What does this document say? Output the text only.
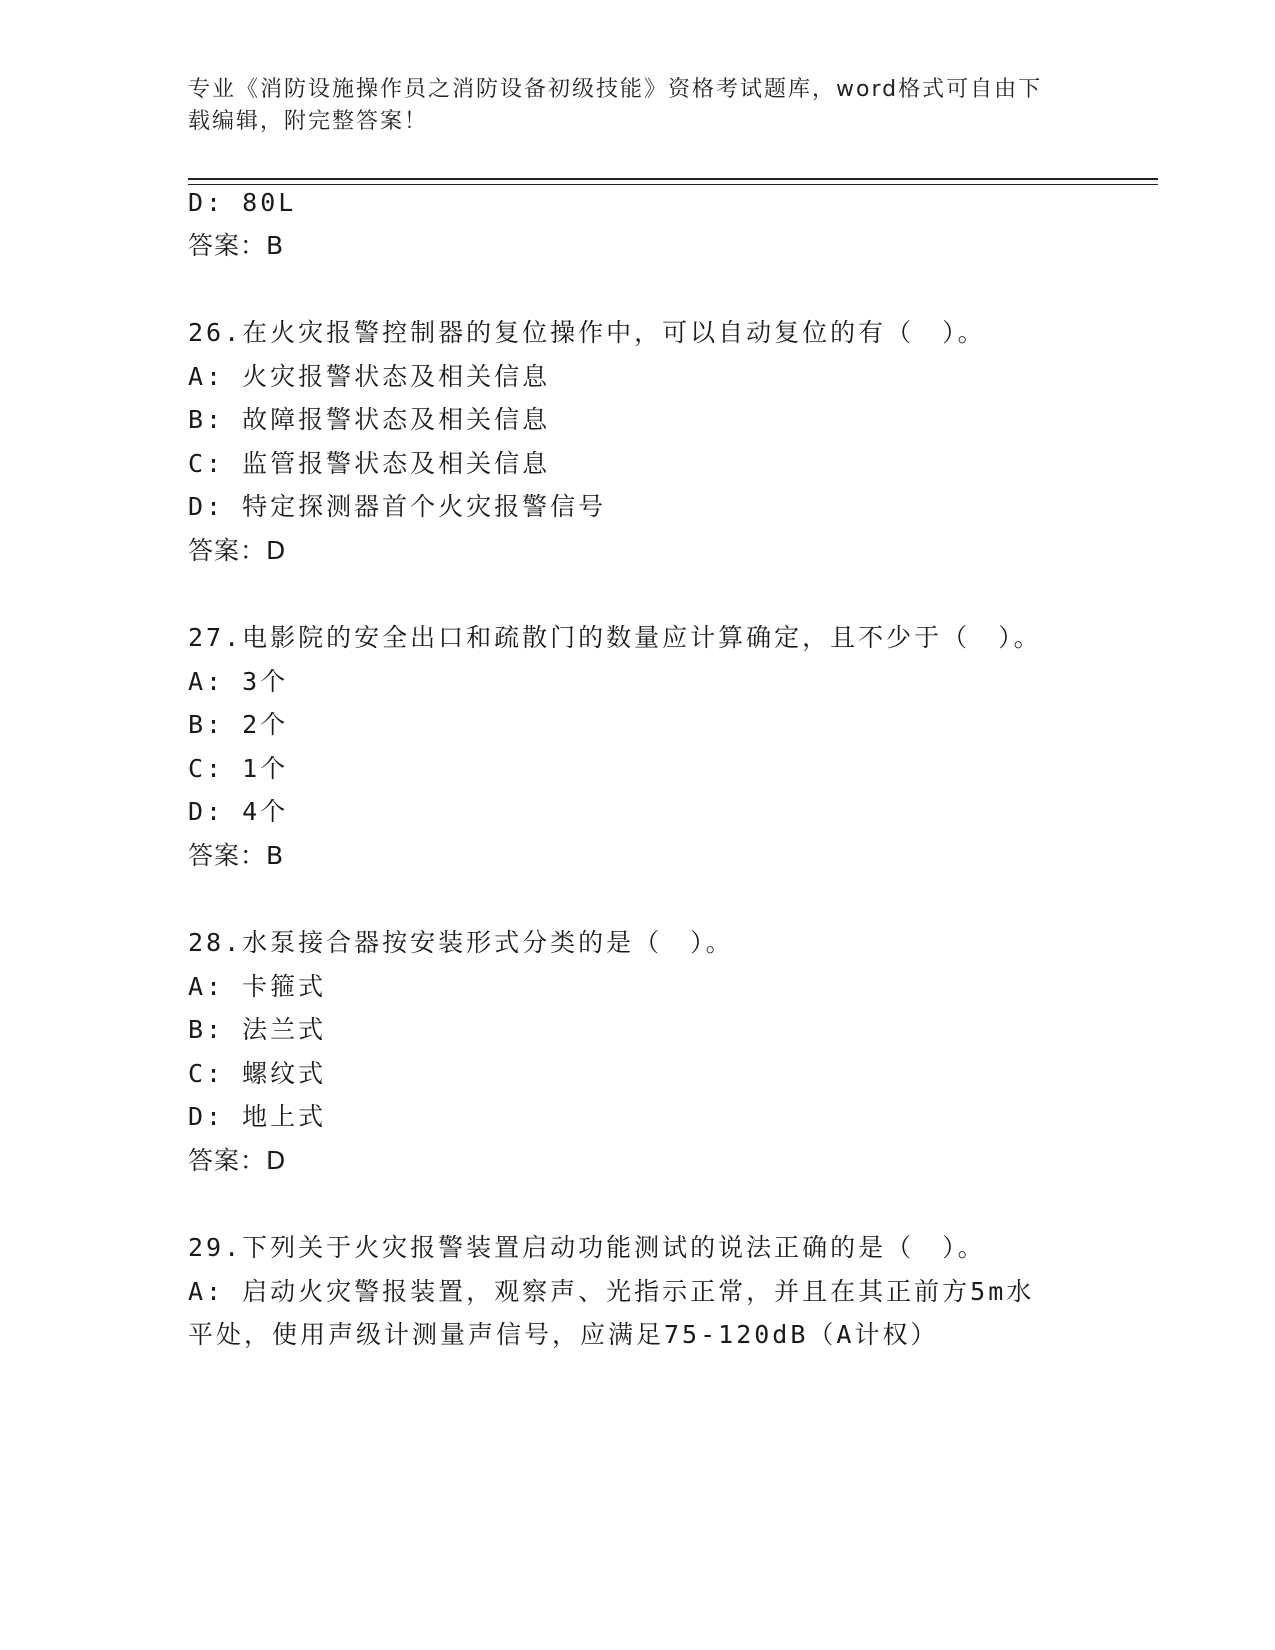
专业《消防设施操作员之消防设备初级技能》资格考试题库，word格式可自由下
载编辑，附完整答案！
D: 80L
答案：B
26.在火灾报警控制器的复位操作中，可以自动复位的有（　）。
A: 火灾报警状态及相关信息
B: 故障报警状态及相关信息
C: 监管报警状态及相关信息
D: 特定探测器首个火灾报警信号
答案：D
27.电影院的安全出口和疏散门的数量应计算确定，且不少于（　）。
A: 3个
B: 2个
C: 1个
D: 4个
答案：B
28.水泵接合器按安装形式分类的是（　）。
A: 卡箍式
B: 法兰式
C: 螺纹式
D: 地上式
答案：D
29.下列关于火灾报警装置启动功能测试的说法正确的是（　）。
A: 启动火灾警报装置，观察声、光指示正常，并且在其正前方5m水
平处，使用声级计测量声信号，应满足75-120dB（A计权）
